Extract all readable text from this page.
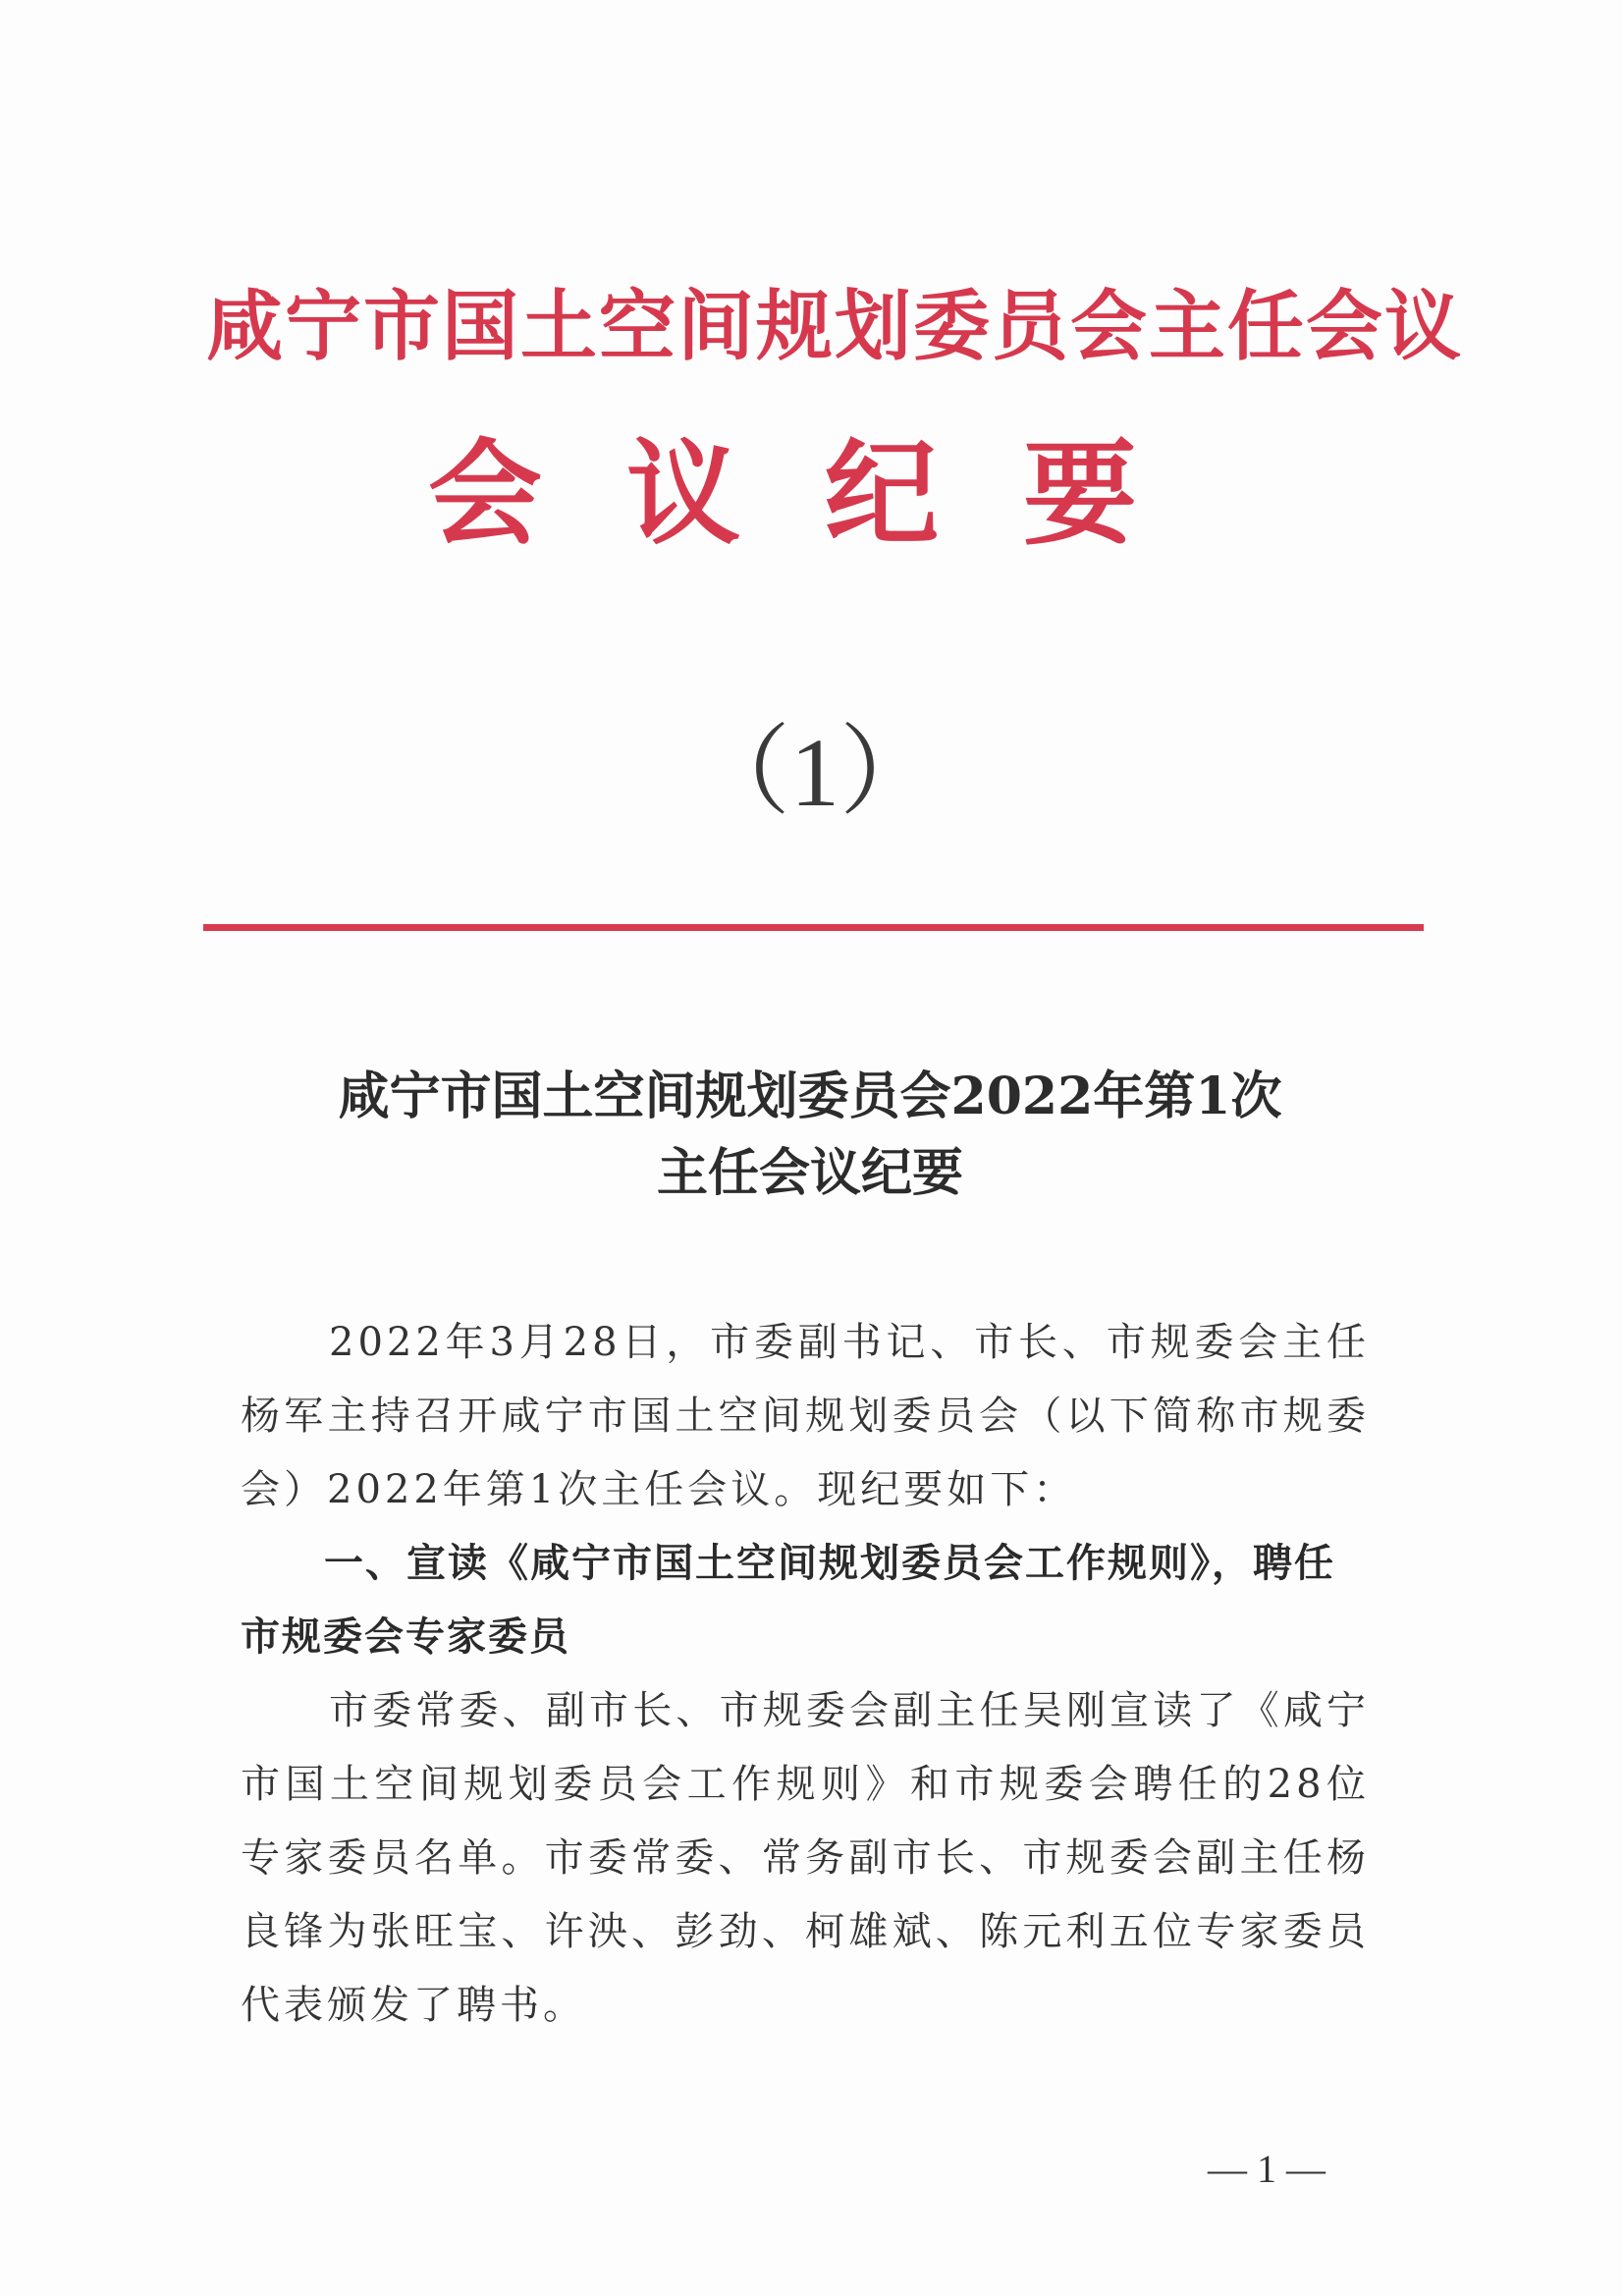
咸宁市国土空间规划委员会主任会议
会议纪要
（1）
咸宁市国土空间规划委员会2022年第1次
主任会议纪要
2022年3月28日，市委副书记、市长、市规委会主任杨军主持召开咸宁市国土空间规划委员会（以下简称市规委会）2022年第1次主任会议。现纪要如下：
一、宣读《咸宁市国土空间规划委员会工作规则》，聘任市规委会专家委员
市委常委、副市长、市规委会副主任吴刚宣读了《咸宁市国土空间规划委员会工作规则》和市规委会聘任的28位专家委员名单。市委常委、常务副市长、市规委会副主任杨良锋为张旺宝、许泱、彭劲、柯雄斌、陈元利五位专家委员代表颁发了聘书。
— 1 —
